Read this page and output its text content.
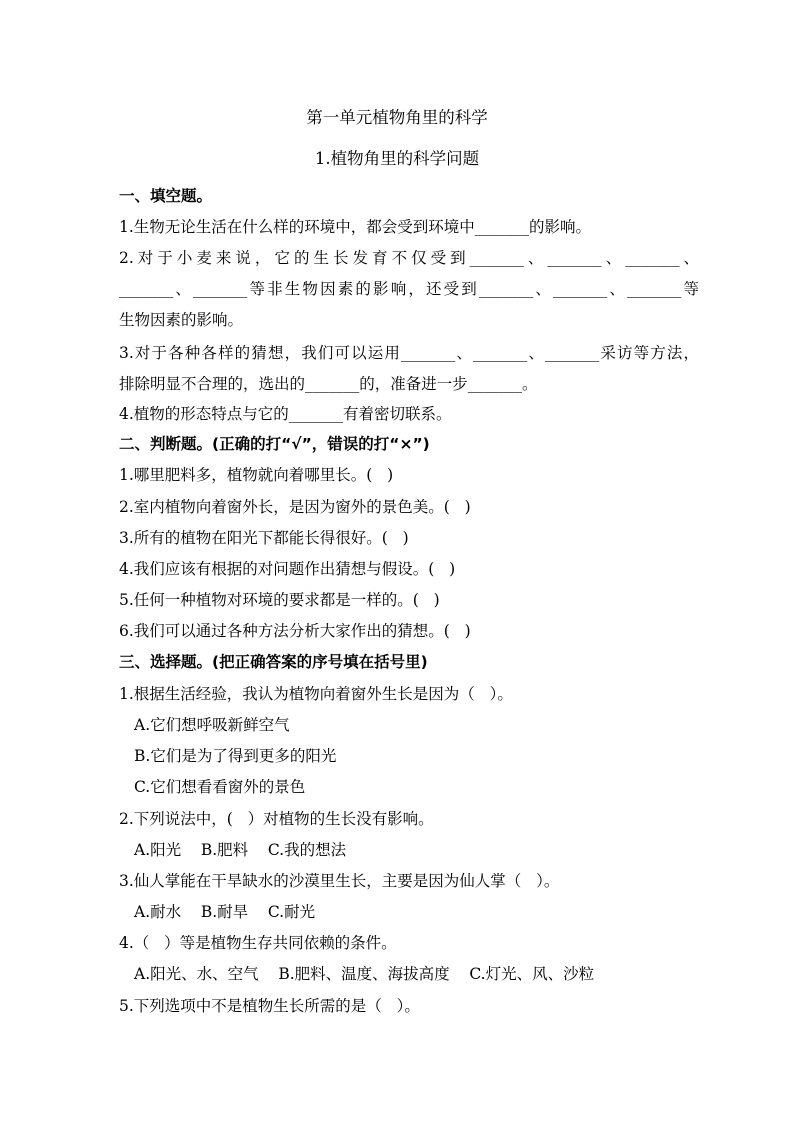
第一单元植物角里的科学
1.植物角里的科学问题
一、填空题。
1.生物无论生活在什么样的环境中，都会受到环境中_______的影响。
2.对于小麦来说，它的生长发育不仅受到_______、_______、_______、
_______、_______等非生物因素的影响，还受到_______、_______、_______等
生物因素的影响。
3.对于各种各样的猜想，我们可以运用_______、_______、_______采访等方法，
排除明显不合理的，选出的_______的，准备进一步_______。
4.植物的形态特点与它的_______有着密切联系。
二、判断题。(正确的打“√”，错误的打“×”)
1.哪里肥料多，植物就向着哪里长。(   )
2.室内植物向着窗外长，是因为窗外的景色美。(   )
3.所有的植物在阳光下都能长得很好。(   )
4.我们应该有根据的对问题作出猜想与假设。(   )
5.任何一种植物对环境的要求都是一样的。(   )
6.我们可以通过各种方法分析大家作出的猜想。(   )
三、选择题。(把正确答案的序号填在括号里)
1.根据生活经验，我认为植物向着窗外生长是因为（   ）。
A.它们想呼吸新鲜空气
B.它们是为了得到更多的阳光
C.它们想看看窗外的景色
2.下列说法中，(   ）对植物的生长没有影响。
A.阳光    B.肥料    C.我的想法
3.仙人掌能在干旱缺水的沙漠里生长，主要是因为仙人掌（   ）。
A.耐水    B.耐旱    C.耐光
4.（   ）等是植物生存共同依赖的条件。
A.阳光、水、空气    B.肥料、温度、海拔高度    C.灯光、风、沙粒
5.下列选项中不是植物生长所需的是（   ）。
